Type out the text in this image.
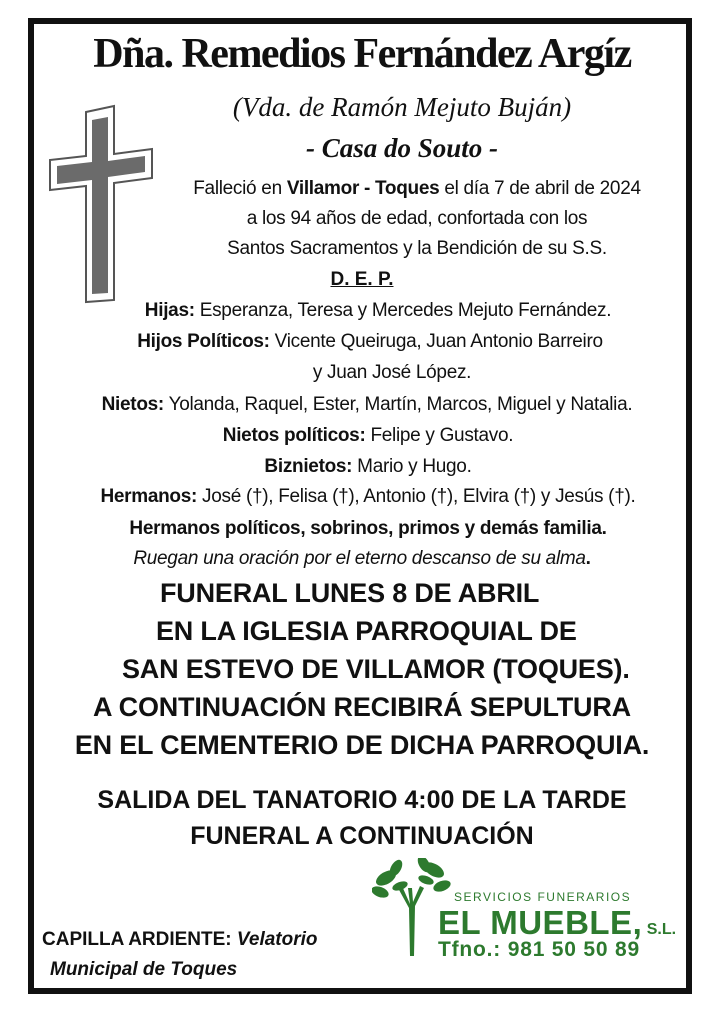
Dña. Remedios Fernández Argíz

(Vda. de Ramón Mejuto Buján)

- Casa do Souto -

Falleció en Villamor - Toques el día 7 de abril de 2024

a los 94 años de edad, confortada con los

Santos Sacramentos y la Bendición de su S.S.

D. E. P.

Hijas: Esperanza, Teresa y Mercedes Mejuto Fernández.

Hijos Políticos: Vicente Queiruga, Juan Antonio Barreiro

y Juan José López.

Nietos: Yolanda, Raquel, Ester, Martín, Marcos, Miguel y Natalia.

Nietos políticos: Felipe y Gustavo.

Biznietos: Mario y Hugo.

Hermanos: José (†), Felisa (†), Antonio (†), Elvira (†) y Jesús (†).

Hermanos políticos, sobrinos, primos y demás familia.

Ruegan una oración por el eterno descanso de su alma.

FUNERAL LUNES 8 DE ABRIL

EN LA IGLESIA PARROQUIAL DE

SAN ESTEVO DE VILLAMOR (TOQUES).

A CONTINUACIÓN RECIBIRÁ SEPULTURA

EN EL CEMENTERIO DE DICHA PARROQUIA.

SALIDA DEL TANATORIO 4:00 DE LA TARDE

FUNERAL A CONTINUACIÓN

CAPILLA ARDIENTE: Velatorio
Municipal de Toques
SERVICIOS FUNERARIOS
EL MUEBLE, S.L.
Tfno.: 981 50 50 89
